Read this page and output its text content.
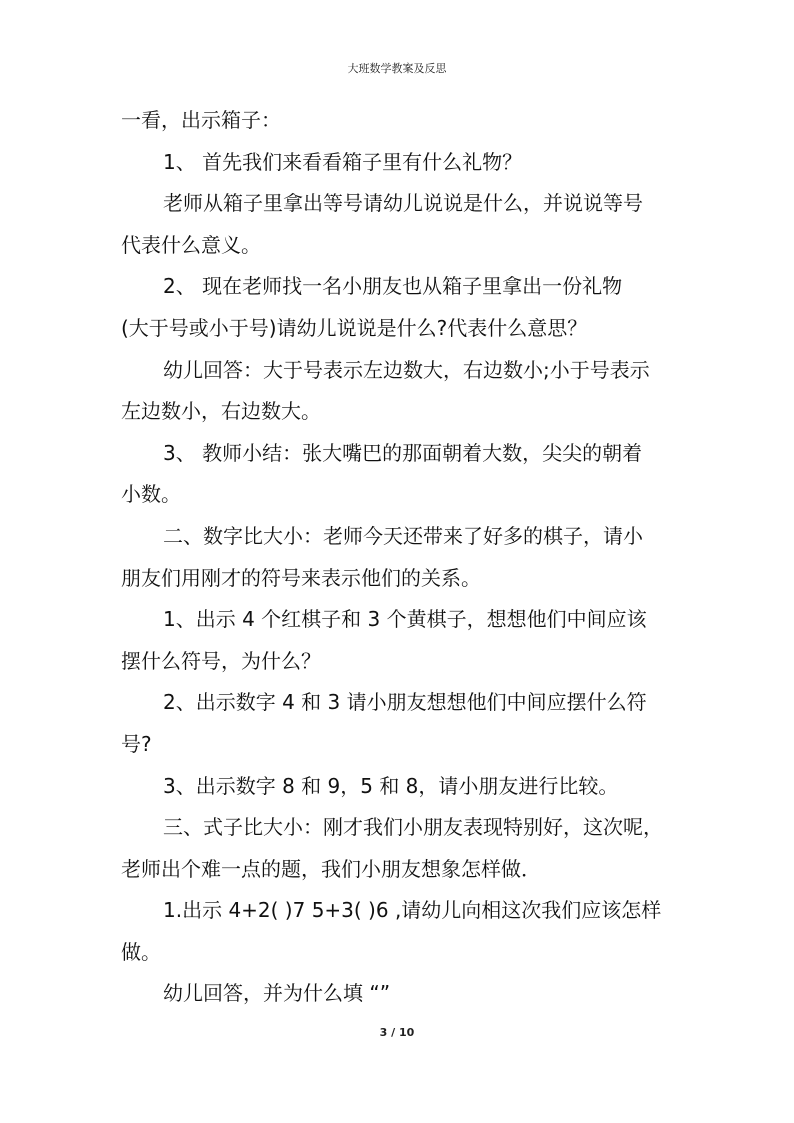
大班数学教案及反思
一看，出示箱子：
1、 首先我们来看看箱子里有什么礼物？
老师从箱子里拿出等号请幼儿说说是什么，并说说等号
代表什么意义。
2、 现在老师找一名小朋友也从箱子里拿出一份礼物
(大于号或小于号)请幼儿说说是什么?代表什么意思？
幼儿回答：大于号表示左边数大，右边数小;小于号表示
左边数小，右边数大。
3、 教师小结：张大嘴巴的那面朝着大数，尖尖的朝着
小数。
二、数字比大小：老师今天还带来了好多的棋子，请小
朋友们用刚才的符号来表示他们的关系。
1、出示 4 个红棋子和 3 个黄棋子，想想他们中间应该
摆什么符号，为什么？
2、出示数字 4 和 3 请小朋友想想他们中间应摆什么符
号?
3、出示数字 8 和 9，5 和 8，请小朋友进行比较。
三、式子比大小：刚才我们小朋友表现特别好，这次呢，
老师出个难一点的题，我们小朋友想象怎样做．
1.出示 4+2( )7 5+3( )6 ,请幼儿向相这次我们应该怎样
做。
幼儿回答，并为什么填 “”
3 / 10
